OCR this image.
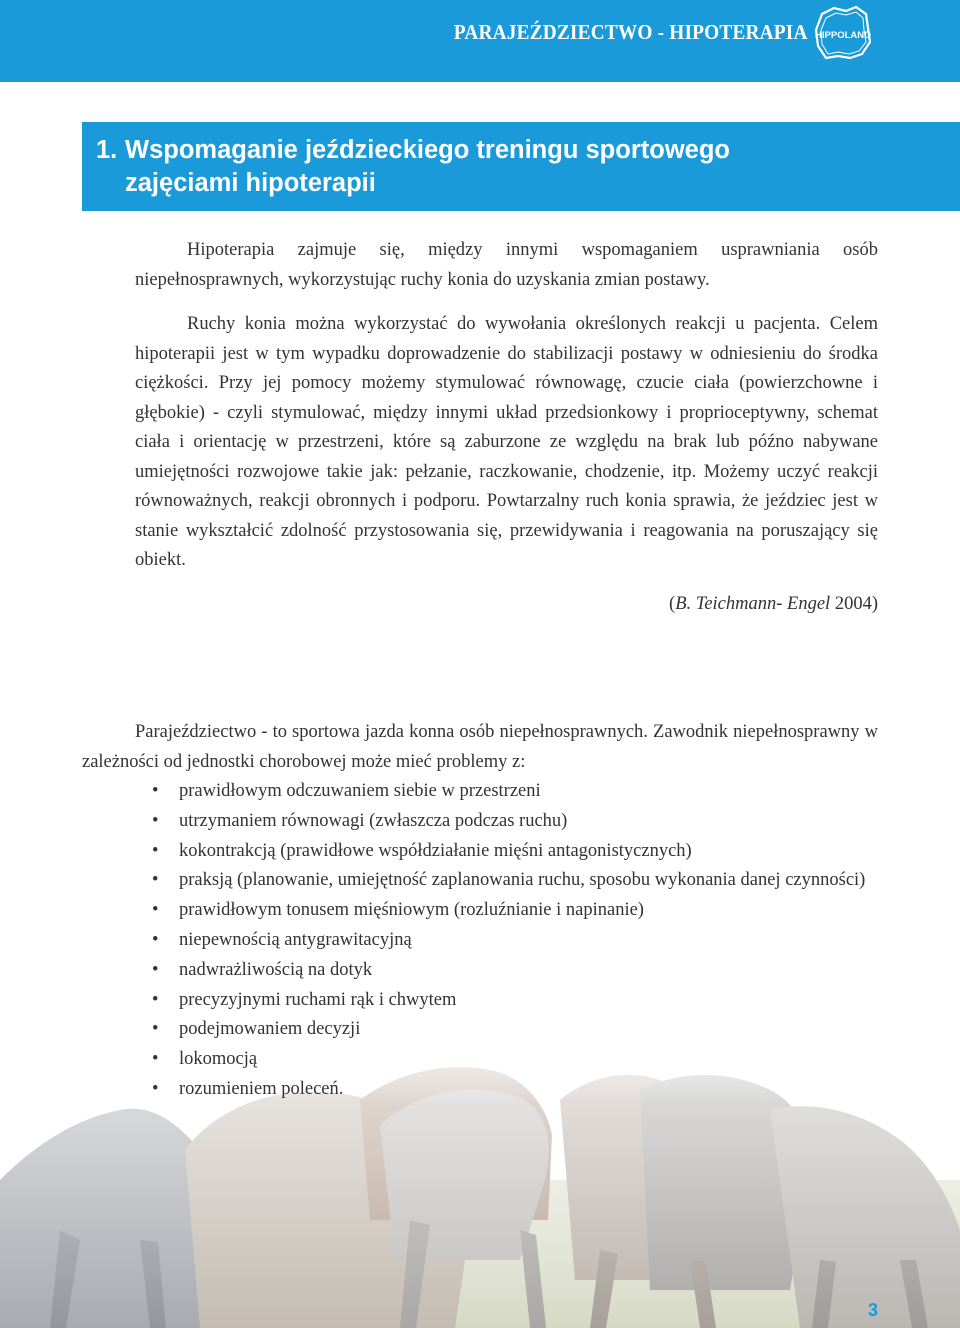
PARAJEŹDZIECTWO - HIPOTERAPIA HIPPOLAND
1. Wspomaganie jeździeckiego treningu sportowego
zajęciami hipoterapii

Hipoterapia zajmuje się, między innymi wspomaganiem usprawniania osób niepełnosprawnych, wykorzystując ruchy konia do uzyskania zmian postawy.

Ruchy konia można wykorzystać do wywołania określonych reakcji u pacjenta. Celem hipoterapii jest w tym wypadku doprowadzenie do stabilizacji postawy w odniesieniu do środka ciężkości. Przy jej pomocy możemy stymulować równowagę, czucie ciała (powierzchowne i głębokie) - czyli stymulować, między innymi układ przedsionkowy i proprioceptywny, schemat ciała i orientację w przestrzeni, które są zaburzone ze względu na brak lub późno nabywane umiejętności rozwojowe takie jak: pełzanie, raczkowanie, chodzenie, itp. Możemy uczyć reakcji równoważnych, reakcji obronnych i podporu. Powtarzalny ruch konia sprawia, że jeździec jest w stanie wykształcić zdolność przystosowania się, przewidywania i reagowania na poruszający się obiekt.

(B. Teichmann- Engel 2004)

Parajeździectwo - to sportowa jazda konna osób niepełnosprawnych. Zawodnik niepełnosprawny w zależności od jednostki chorobowej może mieć problemy z:

• prawidłowym odczuwaniem siebie w przestrzeni
• utrzymaniem równowagi (zwłaszcza podczas ruchu)
• kokontrakcją (prawidłowe współdziałanie mięśni antagonistycznych)
• praksją (planowanie, umiejętność zaplanowania ruchu, sposobu wykonania danej czynności)
• prawidłowym tonusem mięśniowym (rozluźnianie i napinanie)
• niepewnością antygrawitacyjną
• nadwrażliwością na dotyk
• precyzyjnymi ruchami rąk i chwytem
• podejmowaniem decyzji
• lokomocją
• rozumieniem poleceń.
3
